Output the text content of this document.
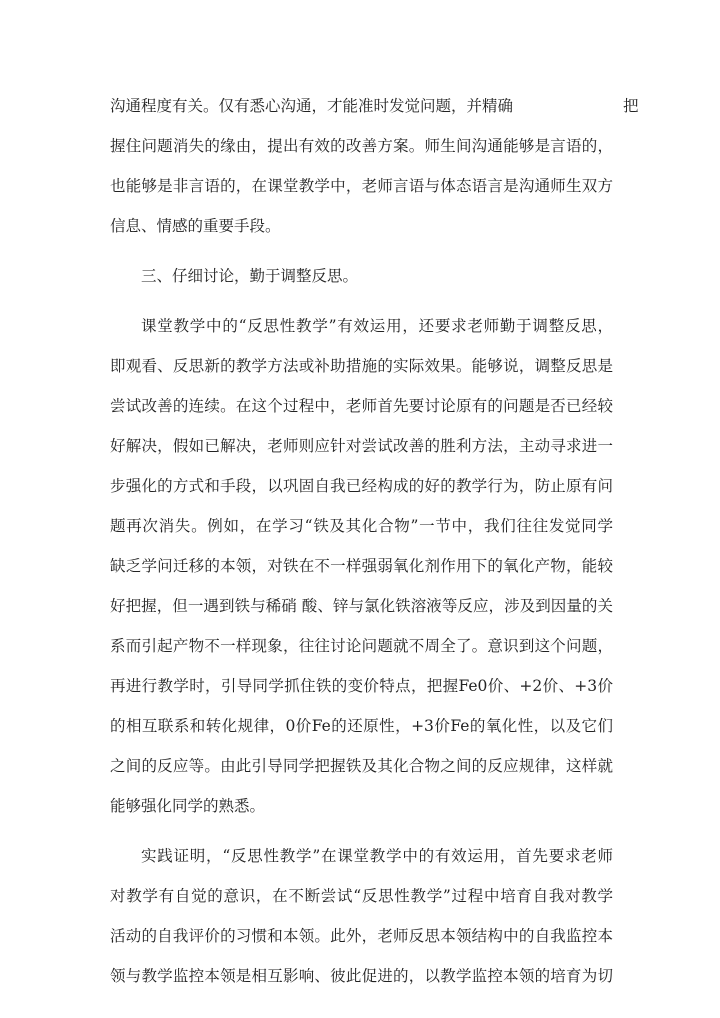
沟通程度有关。仅有悉心沟通，才能准时发觉问题，并精确	把
握住问题消失的缘由，提出有效的改善方案。师生间沟通能够是言语的，
也能够是非言语的，在课堂教学中，老师言语与体态语言是沟通师生双方
信息、情感的重要手段。
三、仔细讨论，勤于调整反思。
课堂教学中的“反思性教学”有效运用，还要求老师勤于调整反思，
即观看、反思新的教学方法或补助措施的实际效果。能够说，调整反思是
尝试改善的连续。在这个过程中，老师首先要讨论原有的问题是否已经较
好解决，假如已解决，老师则应针对尝试改善的胜利方法，主动寻求进一
步强化的方式和手段，以巩固自我已经构成的好的教学行为，防止原有问
题再次消失。例如，在学习“铁及其化合物”一节中，我们往往发觉同学
缺乏学问迁移的本领，对铁在不一样强弱氧化剂作用下的氧化产物，能较
好把握，但一遇到铁与稀硝 酸、锌与氯化铁溶液等反应，涉及到因量的关
系而引起产物不一样现象，往往讨论问题就不周全了。意识到这个问题，
再进行教学时，引导同学抓住铁的变价特点，把握Fe0价、+2价、+3价
的相互联系和转化规律，0价Fe的还原性，+3价Fe的氧化性，以及它们
之间的反应等。由此引导同学把握铁及其化合物之间的反应规律，这样就
能够强化同学的熟悉。
实践证明，“反思性教学”在课堂教学中的有效运用，首先要求老师
对教学有自觉的意识，在不断尝试“反思性教学”过程中培育自我对教学
活动的自我评价的习惯和本领。此外，老师反思本领结构中的自我监控本
领与教学监控本领是相互影响、彼此促进的，以教学监控本领的培育为切
